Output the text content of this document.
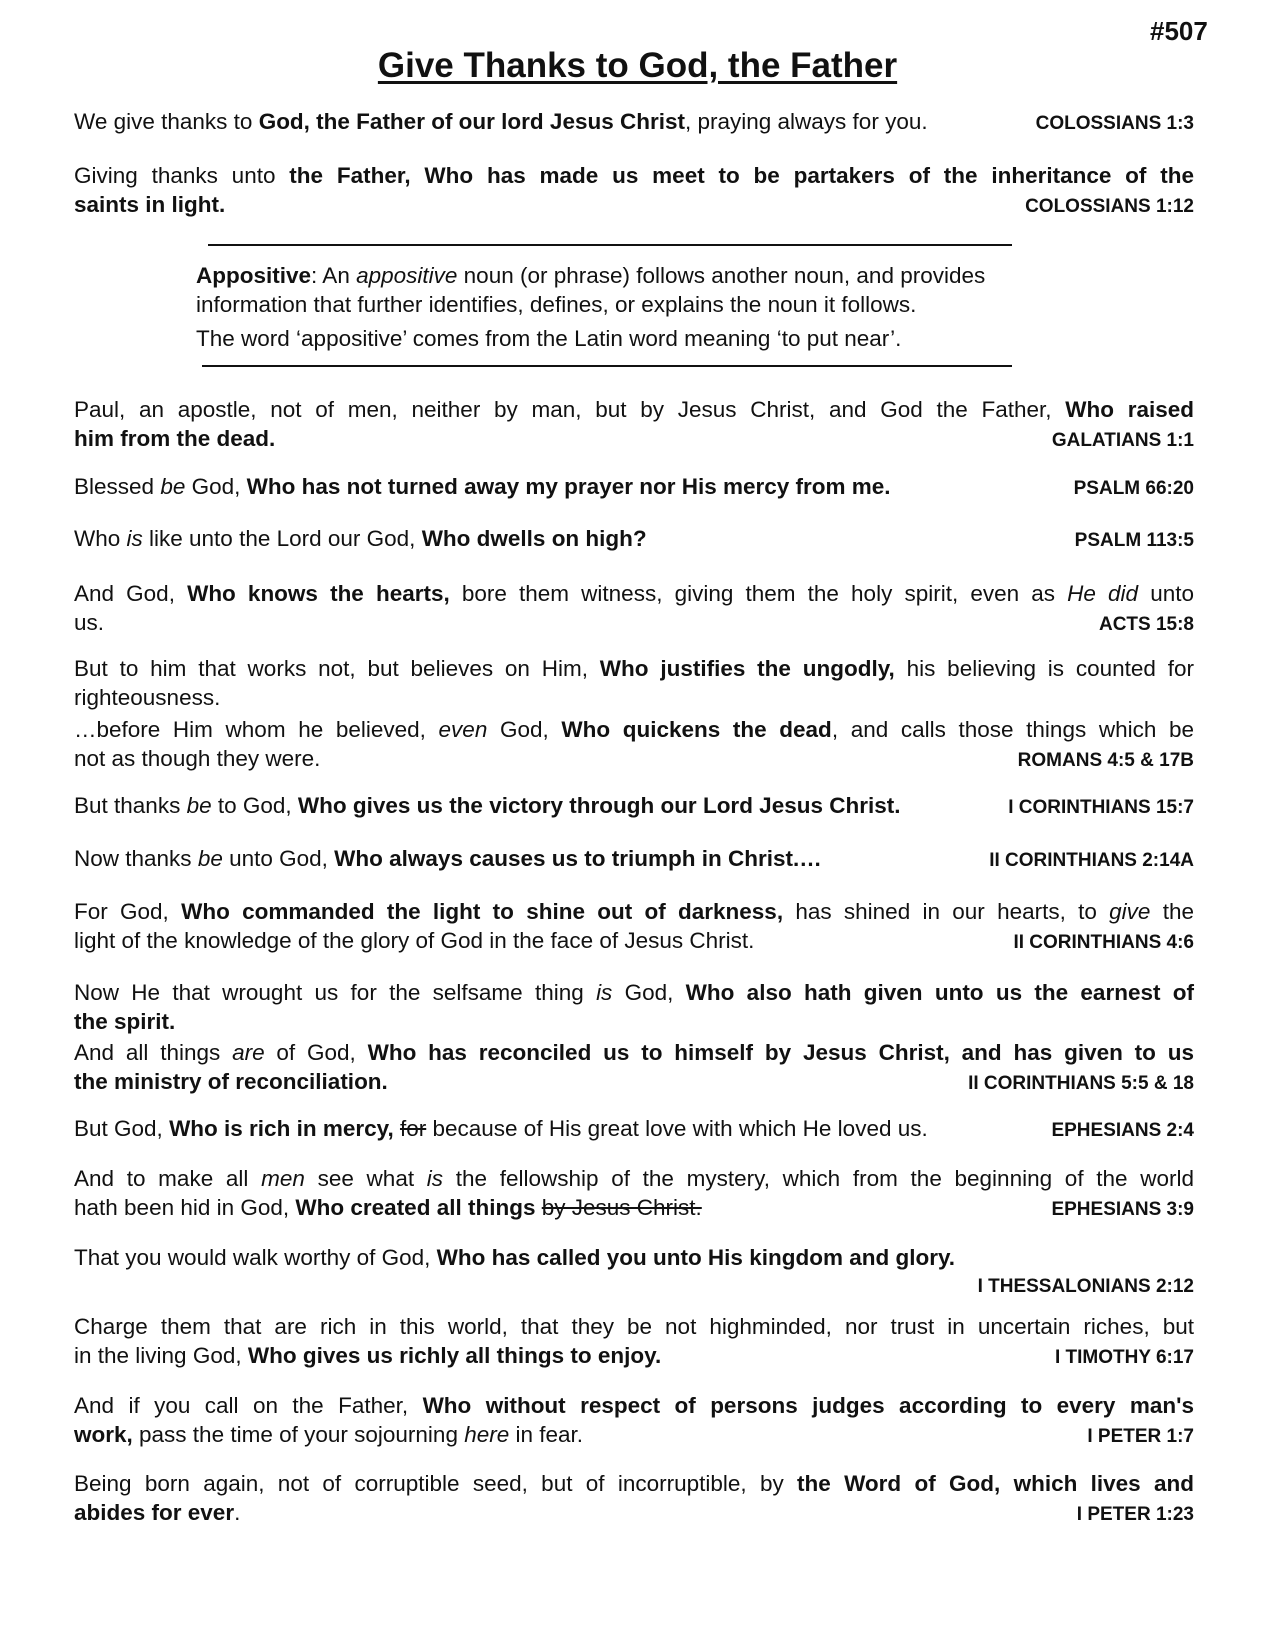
#507
Give Thanks to God, the Father
We give thanks to God, the Father of our lord Jesus Christ, praying always for you.	COLOSSIANS 1:3
Giving thanks unto the Father, Who has made us meet to be partakers of the inheritance of the
saints in light.	COLOSSIANS 1:12

Appositive: An appositive noun (or phrase) follows another noun, and provides

information that further identifies, defines, or explains the noun it follows.

The word ‘appositive’ comes from the Latin word meaning ‘to put near’.

Paul, an apostle, not of men, neither by man, but by Jesus Christ, and God the Father, Who raised
him from the dead.	GALATIANS 1:1
Blessed be God, Who has not turned away my prayer nor His mercy from me.	PSALM 66:20
Who is like unto the Lord our God, Who dwells on high?	PSALM 113:5
And God, Who knows the hearts, bore them witness, giving them the holy spirit, even as He did unto
us.	ACTS 15:8
But to him that works not, but believes on Him, Who justifies the ungodly, his believing is counted for
righteousness.
…before Him whom he believed, even God, Who quickens the dead, and calls those things which be
not as though they were.	ROMANS 4:5 & 17B
But thanks be to God, Who gives us the victory through our Lord Jesus Christ.	I CORINTHIANS 15:7
Now thanks be unto God, Who always causes us to triumph in Christ.…	II CORINTHIANS 2:14A
For God, Who commanded the light to shine out of darkness, has shined in our hearts, to give the
light of the knowledge of the glory of God in the face of Jesus Christ.	II CORINTHIANS 4:6
Now He that wrought us for the selfsame thing is God, Who also hath given unto us the earnest of
the spirit.
And all things are of God, Who has reconciled us to himself by Jesus Christ, and has given to us
the ministry of reconciliation.	II CORINTHIANS 5:5 & 18
But God, Who is rich in mercy, for because of His great love with which He loved us.	EPHESIANS 2:4
And to make all men see what is the fellowship of the mystery, which from the beginning of the world
hath been hid in God, Who created all things by Jesus Christ.	EPHESIANS 3:9
That you would walk worthy of God, Who has called you unto His kingdom and glory.
I THESSALONIANS 2:12
Charge them that are rich in this world, that they be not highminded, nor trust in uncertain riches, but
in the living God, Who gives us richly all things to enjoy.	I TIMOTHY 6:17
And if you call on the Father, Who without respect of persons judges according to every man's
work, pass the time of your sojourning here in fear.	I PETER 1:7
Being born again, not of corruptible seed, but of incorruptible, by the Word of God, which lives and
abides for ever.	I PETER 1:23
